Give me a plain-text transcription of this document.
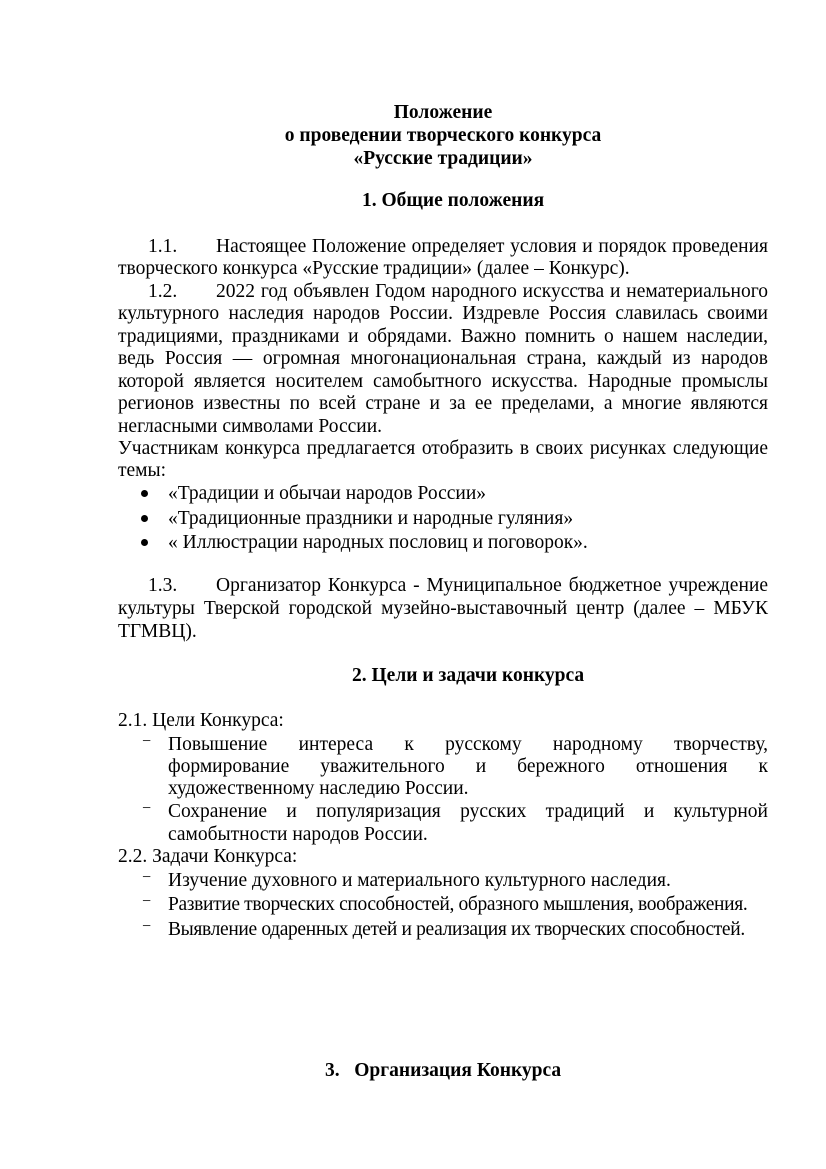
Положение
о проведении творческого конкурса
«Русские традиции»
1. Общие положения
1.1. Настоящее Положение определяет условия и порядок проведения
творческого конкурса «Русские традиции» (далее – Конкурс).
1.2. 2022 год объявлен Годом народного искусства и нематериального
культурного наследия народов России. Издревле Россия славилась своими
традициями, праздниками и обрядами. Важно помнить о нашем наследии,
ведь Россия — огромная многонациональная страна, каждый из народов
которой является носителем самобытного искусства. Народные промыслы
регионов известны по всей стране и за ее пределами, а многие являются
негласными символами России.
Участникам конкурса предлагается отобразить в своих рисунках следующие
темы:
«Традиции и обычаи народов России»
«Традиционные праздники и народные гуляния»
« Иллюстрации народных пословиц и поговорок».
1.3. Организатор Конкурса - Муниципальное бюджетное учреждение
культуры Тверской городской музейно-выставочный центр (далее – МБУК
ТГМВЦ).
2. Цели и задачи конкурса
2.1. Цели Конкурса:
− Повышение интереса к русскому народному творчеству,
формирование уважительного и бережного отношения к
художественному наследию России.
− Сохранение и популяризация русских традиций и культурной
самобытности народов России.
2.2. Задачи Конкурса:
− Изучение духовного и материального культурного наследия.
− Развитие творческих способностей, образного мышления, воображения.
− Выявление одаренных детей и реализация их творческих способностей.
3.   Организация Конкурса
